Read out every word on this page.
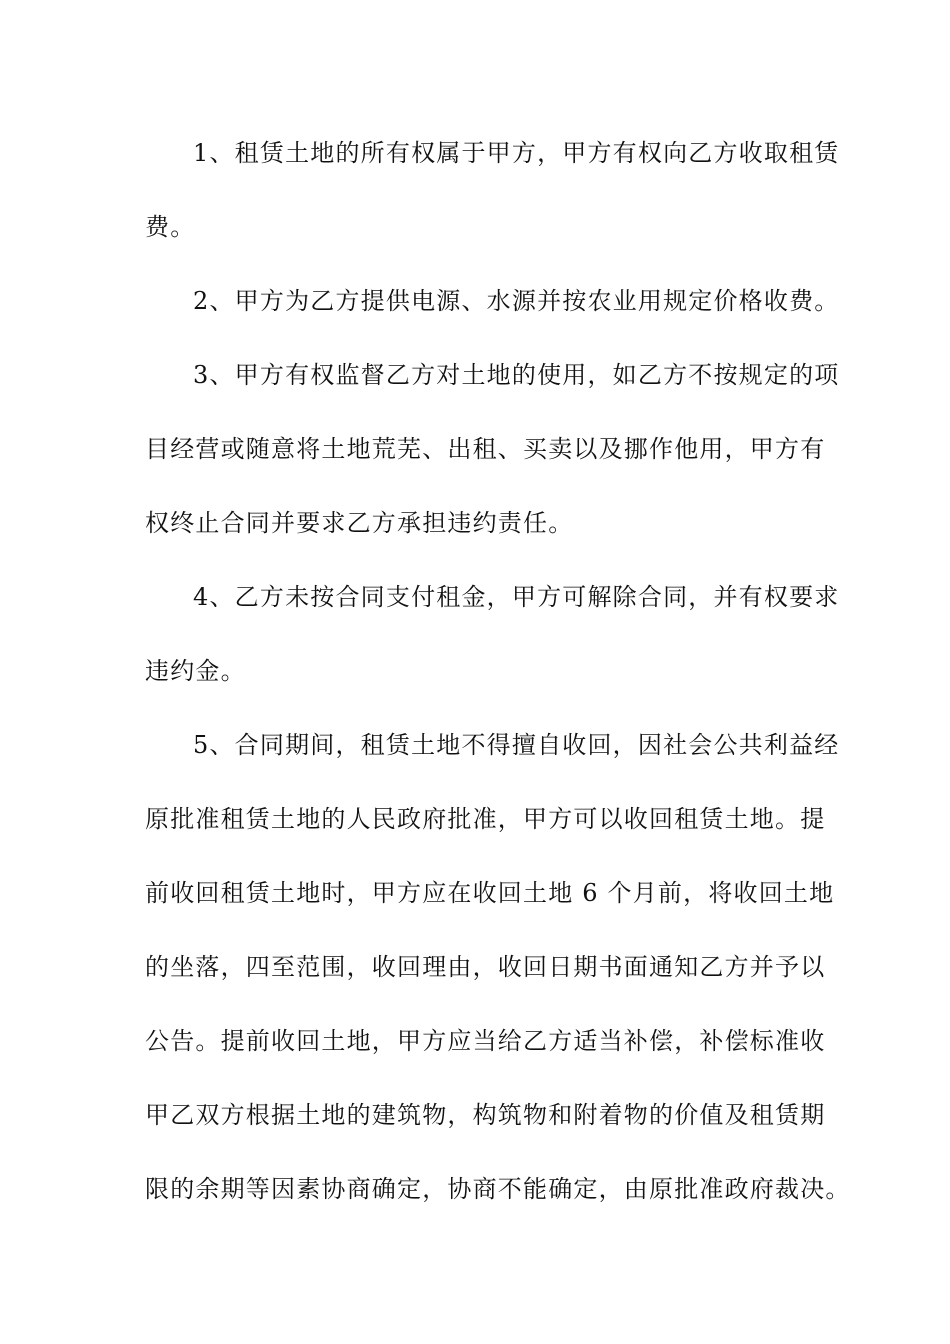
1、租赁土地的所有权属于甲方，甲方有权向乙方收取租赁
费。
2、甲方为乙方提供电源、水源并按农业用规定价格收费。
3、甲方有权监督乙方对土地的使用，如乙方不按规定的项
目经营或随意将土地荒芜、出租、买卖以及挪作他用，甲方有
权终止合同并要求乙方承担违约责任。
4、乙方未按合同支付租金，甲方可解除合同，并有权要求
违约金。
5、合同期间，租赁土地不得擅自收回，因社会公共利益经
原批准租赁土地的人民政府批准，甲方可以收回租赁土地。提
前收回租赁土地时，甲方应在收回土地 6 个月前，将收回土地
的坐落，四至范围，收回理由，收回日期书面通知乙方并予以
公告。提前收回土地，甲方应当给乙方适当补偿，补偿标准收
甲乙双方根据土地的建筑物，构筑物和附着物的价值及租赁期
限的余期等因素协商确定，协商不能确定，由原批准政府裁决。
